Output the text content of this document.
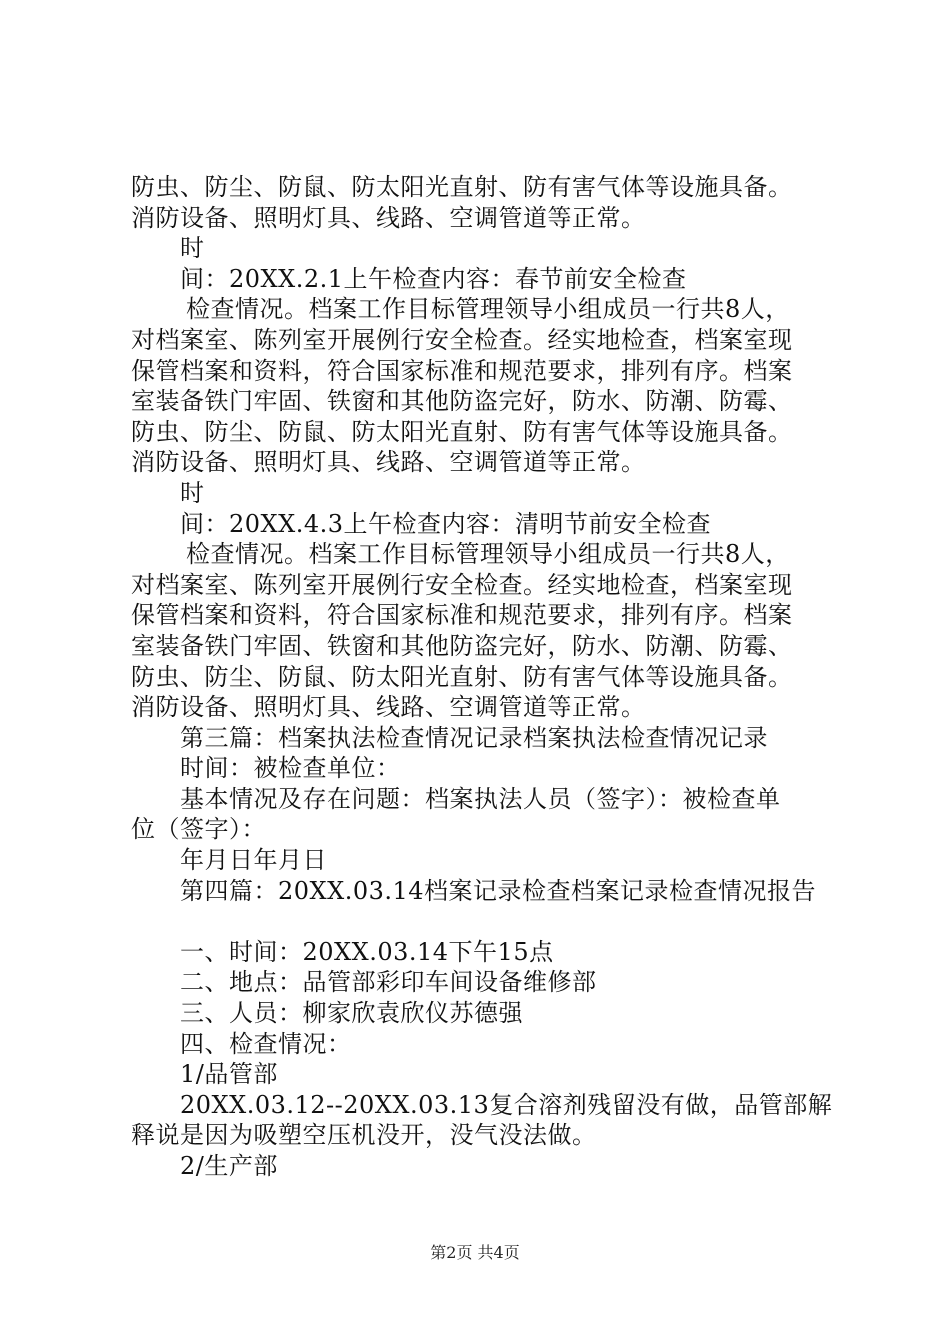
防虫、防尘、防鼠、防太阳光直射、防有害气体等设施具备。
消防设备、照明灯具、线路、空调管道等正常。
时
间：20XX.2.1上午检查内容：春节前安全检查
检查情况。档案工作目标管理领导小组成员一行共8人，
对档案室、陈列室开展例行安全检查。经实地检查，档案室现
保管档案和资料，符合国家标准和规范要求，排列有序。档案
室装备铁门牢固、铁窗和其他防盗完好，防水、防潮、防霉、
防虫、防尘、防鼠、防太阳光直射、防有害气体等设施具备。
消防设备、照明灯具、线路、空调管道等正常。
时
间：20XX.4.3上午检查内容：清明节前安全检查
检查情况。档案工作目标管理领导小组成员一行共8人，
对档案室、陈列室开展例行安全检查。经实地检查，档案室现
保管档案和资料，符合国家标准和规范要求，排列有序。档案
室装备铁门牢固、铁窗和其他防盗完好，防水、防潮、防霉、
防虫、防尘、防鼠、防太阳光直射、防有害气体等设施具备。
消防设备、照明灯具、线路、空调管道等正常。
第三篇：档案执法检查情况记录档案执法检查情况记录
时间：被检查单位：
基本情况及存在问题：档案执法人员（签字）：被检查单
位（签字）：
年月日年月日
第四篇：20XX.03.14档案记录检查档案记录检查情况报告
一、时间：20XX.03.14下午15点
二、地点：品管部彩印车间设备维修部
三、人员：柳家欣袁欣仪苏德强
四、检查情况：
1/品管部
20XX.03.12--20XX.03.13复合溶剂残留没有做，品管部解
释说是因为吸塑空压机没开，没气没法做。
2/生产部
第2页 共4页
